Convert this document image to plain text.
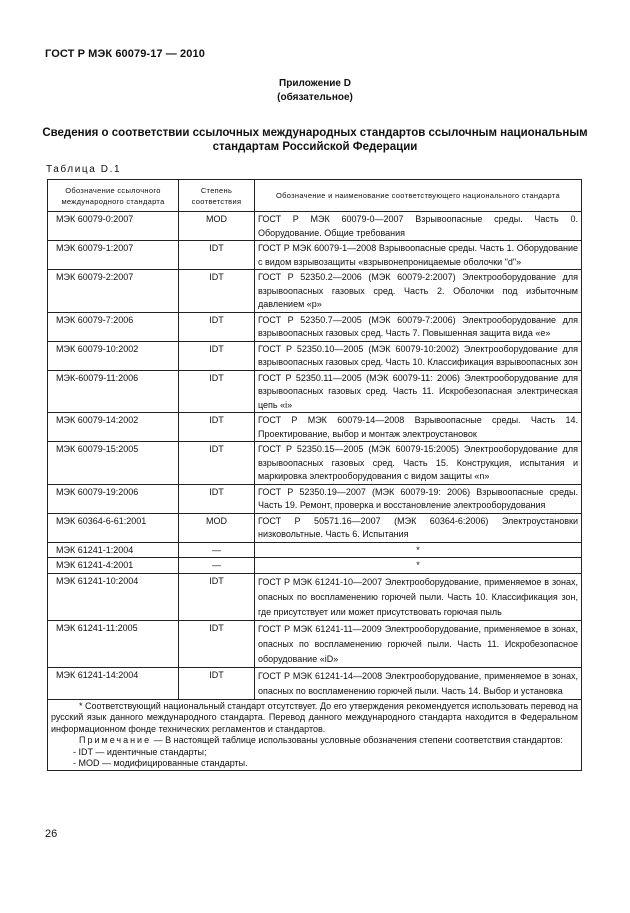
ГОСТ Р МЭК 60079-17 — 2010
Приложение D
(обязательное)
Сведения о соответствии ссылочных международных стандартов ссылочным национальным стандартам Российской Федерации
Таблица D.1
Обозначение ссылочного международного стандарта	Степень соответствия	Обозначение и наименование соответствующего национального стандарта
МЭК 60079-0:2007	MOD	ГОСТ Р МЭК 60079-0—2007 Взрывоопасные среды. Часть 0. Оборудование. Общие требования
МЭК 60079-1:2007	IDT	ГОСТ Р МЭК 60079-1—2008 Взрывоопасные среды. Часть 1. Оборудование с видом взрывозащиты «взрывонепроницаемые оболочки "d"»
МЭК 60079-2:2007	IDT	ГОСТ Р 52350.2—2006 (МЭК 60079-2:2007) Электрооборудование для взрывоопасных газовых сред. Часть 2. Оболочки под избыточным давлением «р»
МЭК 60079-7:2006	IDT	ГОСТ Р 52350.7—2005 (МЭК 60079-7:2006) Электрооборудование для взрывоопасных газовых сред. Часть 7. Повышенная защита вида «е»
МЭК 60079-10:2002	IDT	ГОСТ Р 52350.10—2005 (МЭК 60079-10:2002) Электрооборудование для взрывоопасных газовых сред. Часть 10. Классификация взрывоопасных зон
МЭК-60079-11:2006	IDT	ГОСТ Р 52350.11—2005 (МЭК 60079-11: 2006) Электрооборудование для взрывоопасных газовых сред. Часть 11. Искробезопасная электрическая цепь «i»
МЭК 60079-14:2002	IDT	ГОСТ Р МЭК 60079-14—2008 Взрывоопасные среды. Часть 14. Проектирование, выбор и монтаж электроустановок
МЭК 60079-15:2005	IDT	ГОСТ Р 52350.15—2005 (МЭК 60079-15:2005) Электрооборудование для взрывоопасных газовых сред. Часть 15. Конструкция, испытания и маркировка электрооборудования с видом защиты «n»
МЭК 60079-19:2006	IDT	ГОСТ Р 52350.19—2007 (МЭК 60079-19: 2006) Взрывоопасные среды. Часть 19. Ремонт, проверка и восстановление электрооборудования
МЭК 60364-6-61:2001	MOD	ГОСТ Р 50571.16—2007 (МЭК 60364-6:2006) Электроустановки низковольтные. Часть 6. Испытания
МЭК 61241-1:2004	—	*
МЭК 61241-4:2001	—	*
МЭК 61241-10:2004	IDT	ГОСТ Р МЭК 61241-10—2007 Электрооборудование, применяемое в зонах, опасных по воспламенению горючей пыли. Часть 10. Классификация зон, где присутствует или может присутствовать горючая пыль
МЭК 61241-11:2005	IDT	ГОСТ Р МЭК 61241-11—2009 Электрооборудование, применяемое в зонах, опасных по воспламенению горючей пыли. Часть 11. Искробезопасное оборудование «iD»
МЭК 61241-14:2004	IDT	ГОСТ Р МЭК 61241-14—2008 Электрооборудование, применяемое в зонах, опасных по воспламенению горючей пыли. Часть 14. Выбор и установка

* Соответствующий национальный стандарт отсутствует. До его утверждения рекомендуется использовать перевод на русский язык данного международного стандарта. Перевод данного международного стандарта находится в Федеральном информационном фонде технических регламентов и стандартов.

Примечание — В настоящей таблице использованы условные обозначения степени соответствия стандартов:

- IDT — идентичные стандарты;

- MOD — модифицированные стандарты.		

26
